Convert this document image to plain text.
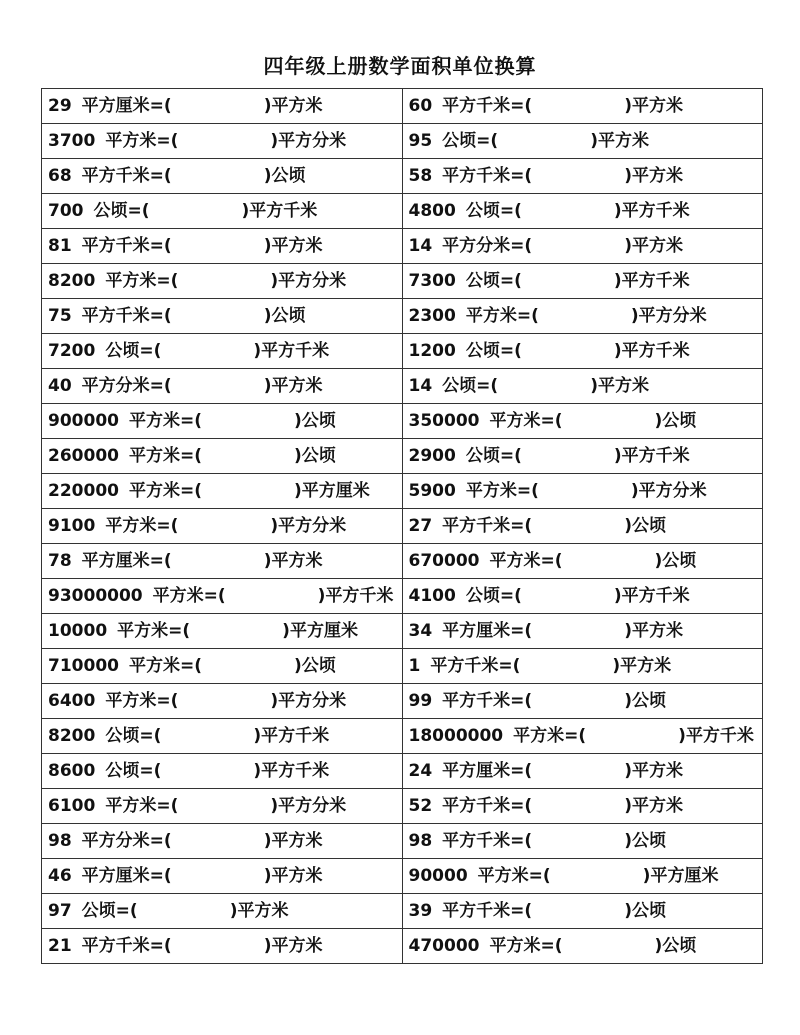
四年级上册数学面积单位换算
29 平方厘米=( )平方米	60 平方千米=( )平方米
3700 平方米=( )平方分米	95 公顷=( )平方米
68 平方千米=( )公顷	58 平方千米=( )平方米
700 公顷=( )平方千米	4800 公顷=( )平方千米
81 平方千米=( )平方米	14 平方分米=( )平方米
8200 平方米=( )平方分米	7300 公顷=( )平方千米
75 平方千米=( )公顷	2300 平方米=( )平方分米
7200 公顷=( )平方千米	1200 公顷=( )平方千米
40 平方分米=( )平方米	14 公顷=( )平方米
900000 平方米=( )公顷	350000 平方米=( )公顷
260000 平方米=( )公顷	2900 公顷=( )平方千米
220000 平方米=( )平方厘米	5900 平方米=( )平方分米
9100 平方米=( )平方分米	27 平方千米=( )公顷
78 平方厘米=( )平方米	670000 平方米=( )公顷
93000000 平方米=( )平方千米	4100 公顷=( )平方千米
10000 平方米=( )平方厘米	34 平方厘米=( )平方米
710000 平方米=( )公顷	1 平方千米=( )平方米
6400 平方米=( )平方分米	99 平方千米=( )公顷
8200 公顷=( )平方千米	18000000 平方米=( )平方千米
8600 公顷=( )平方千米	24 平方厘米=( )平方米
6100 平方米=( )平方分米	52 平方千米=( )平方米
98 平方分米=( )平方米	98 平方千米=( )公顷
46 平方厘米=( )平方米	90000 平方米=( )平方厘米
97 公顷=( )平方米	39 平方千米=( )公顷
21 平方千米=( )平方米	470000 平方米=( )公顷
